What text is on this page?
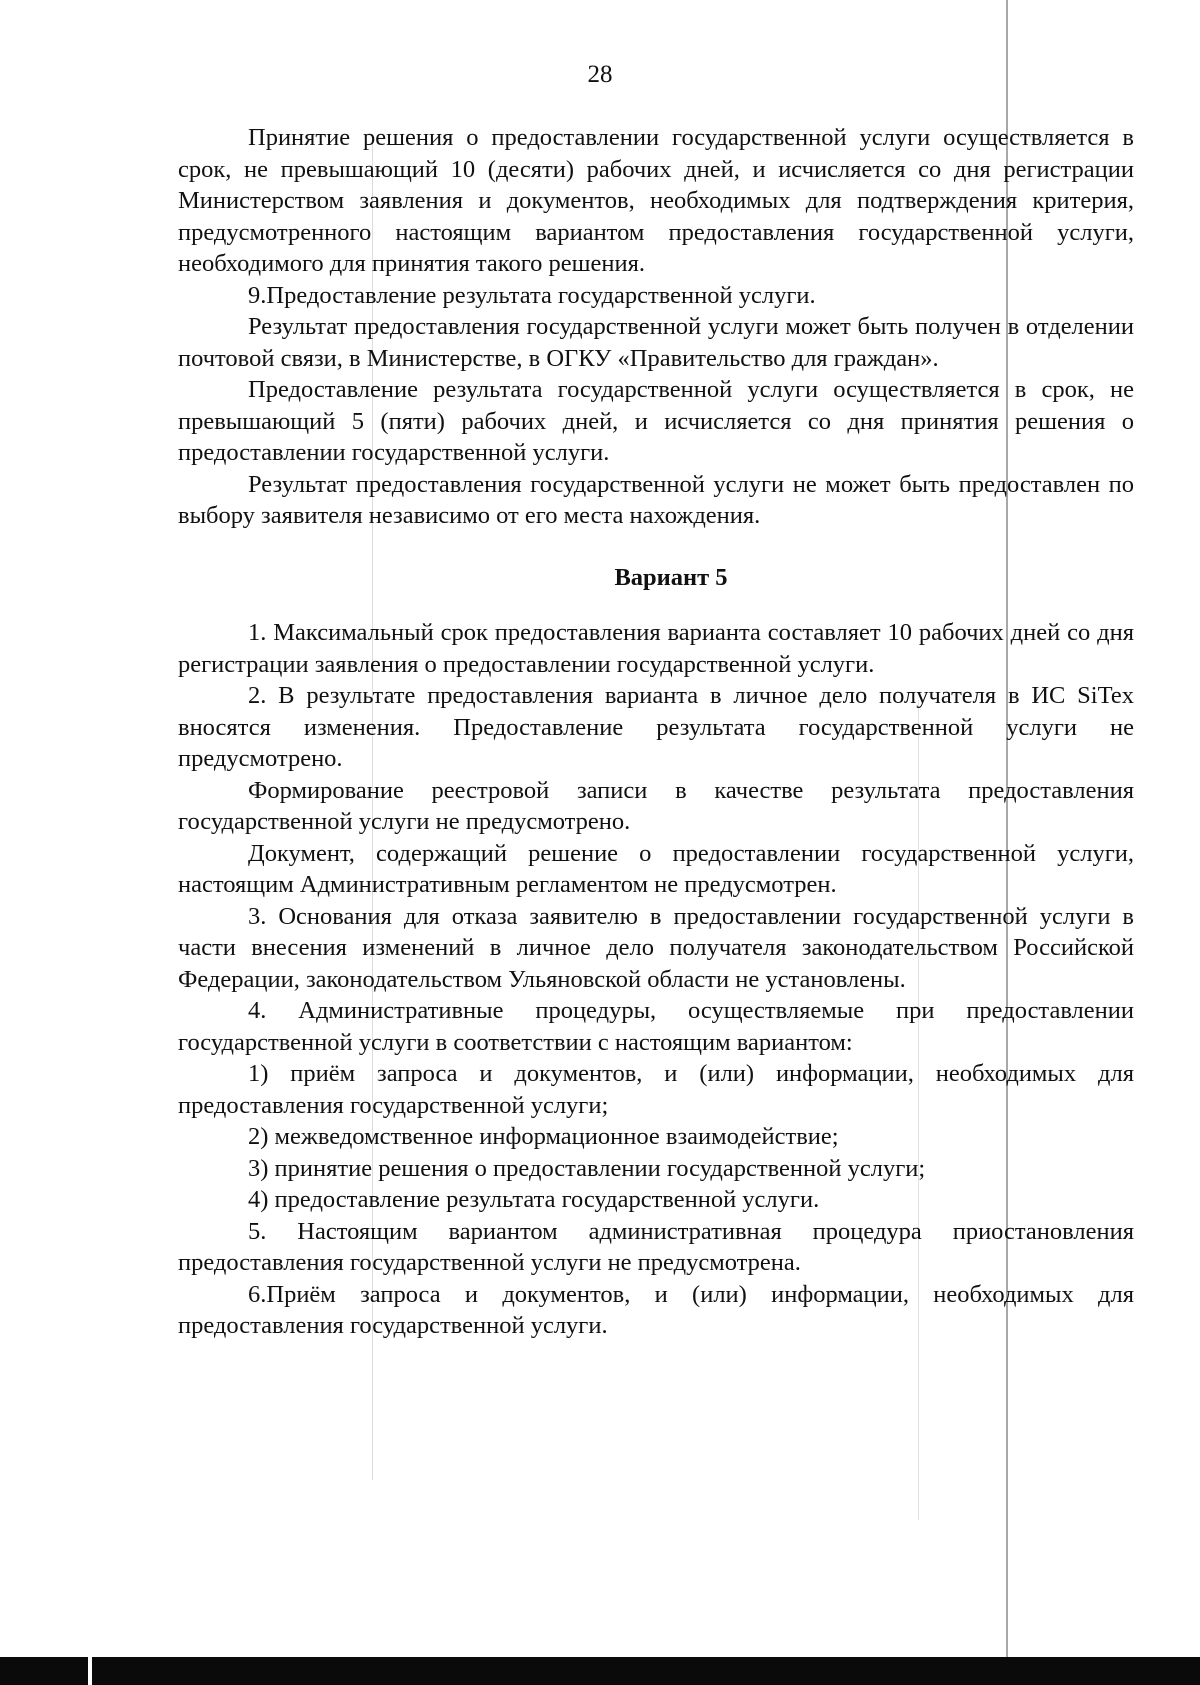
28

Принятие решения о предоставлении государственной услуги осуществляется в срок, не превышающий 10 (десяти) рабочих дней, и исчисляется со дня регистрации Министерством заявления и документов, необходимых для подтверждения критерия, предусмотренного настоящим вариантом предоставления государственной услуги, необходимого для принятия такого решения.

9.Предоставление результата государственной услуги.

Результат предоставления государственной услуги может быть получен в отделении почтовой связи, в Министерстве, в ОГКУ «Правительство для граждан».

Предоставление результата государственной услуги осуществляется в срок, не превышающий 5 (пяти) рабочих дней, и исчисляется со дня принятия решения о предоставлении государственной услуги.

Результат предоставления государственной услуги не может быть предоставлен по выбору заявителя независимо от его места нахождения.

Вариант 5

1. Максимальный срок предоставления варианта составляет 10 рабочих дней со дня регистрации заявления о предоставлении государственной услуги.

2. В результате предоставления варианта в личное дело получателя в ИС SiTex вносятся изменения. Предоставление результата государственной услуги не предусмотрено.

Формирование реестровой записи в качестве результата предоставления государственной услуги не предусмотрено.

Документ, содержащий решение о предоставлении государственной услуги, настоящим Административным регламентом не предусмотрен.

3. Основания для отказа заявителю в предоставлении государственной услуги в части внесения изменений в личное дело получателя законодательством Российской Федерации, законодательством Ульяновской области не установлены.

4. Административные процедуры, осуществляемые при предоставлении государственной услуги в соответствии с настоящим вариантом:

1) приём запроса и документов, и (или) информации, необходимых для предоставления государственной услуги;

2) межведомственное информационное взаимодействие;

3) принятие решения о предоставлении государственной услуги;

4) предоставление результата государственной услуги.

5. Настоящим вариантом административная процедура приостановления предоставления государственной услуги не предусмотрена.

6.Приём запроса и документов, и (или) информации, необходимых для предоставления государственной услуги.
